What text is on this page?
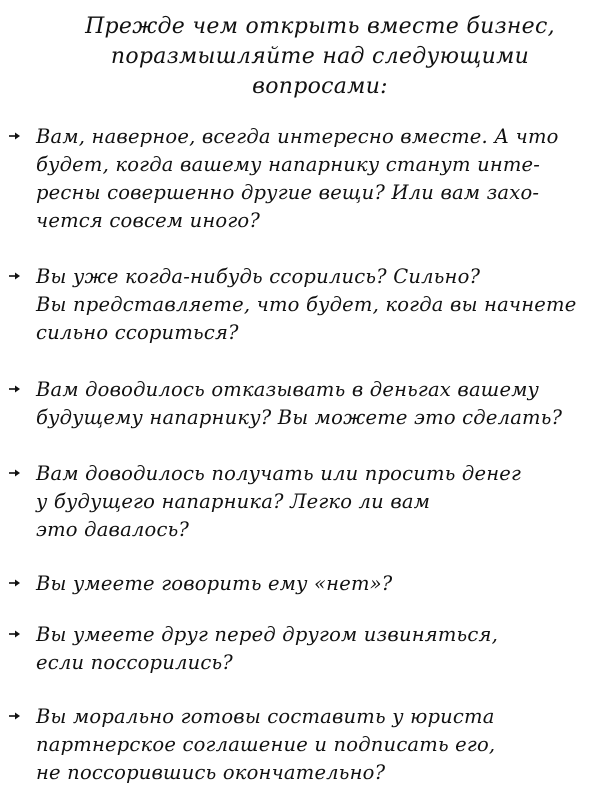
Прежде чем открыть вместе бизнес,
поразмышляйте над следующими
вопросами:
Вам, наверное, всегда интересно вместе. А что
будет, когда вашему напарнику станут инте-
ресны совершенно другие вещи? Или вам захо-
чется совсем иного?
Вы уже когда-нибудь ссорились? Сильно?
Вы представляете, что будет, когда вы начнете
сильно ссориться?
Вам доводилось отказывать в деньгах вашему
будущему напарнику? Вы можете это сделать?
Вам доводилось получать или просить денег
у будущего напарника? Легко ли вам
это давалось?
Вы умеете говорить ему «нет»?
Вы умеете друг перед другом извиняться,
если поссорились?
Вы морально готовы составить у юриста
партнерское соглашение и подписать его,
не поссорившись окончательно?
